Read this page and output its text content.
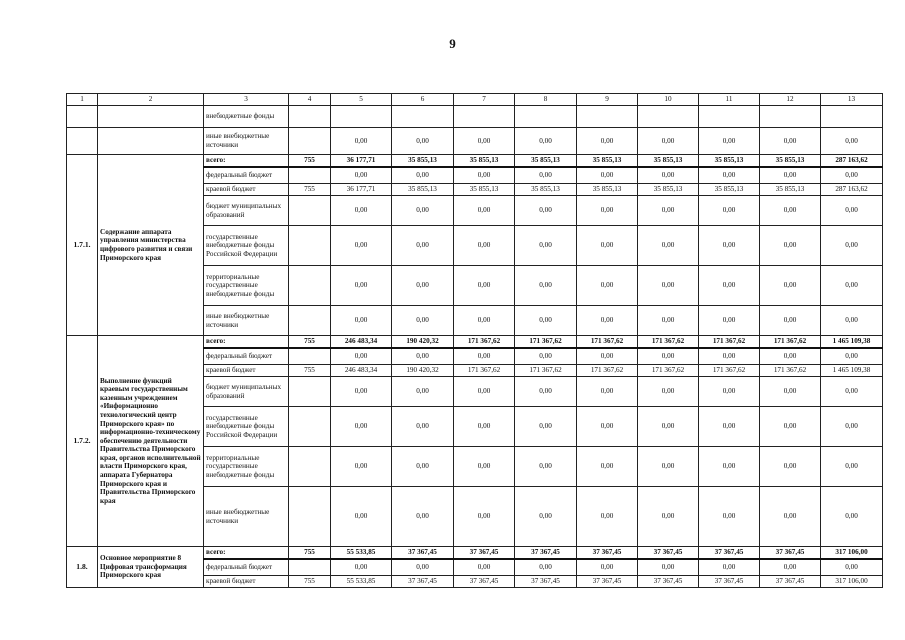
9
1	2	3	4	5	6	7	8	9	10	11	12	13
		внебюджетные фонды										
		иные внебюджетные источники		0,00	0,00	0,00	0,00	0,00	0,00	0,00	0,00	0,00
1.7.1.	Содержание аппарата управления министерства цифрового развития и связи Приморского края	всего:	755	36 177,71	35 855,13	35 855,13	35 855,13	35 855,13	35 855,13	35 855,13	35 855,13	287 163,62
		федеральный бюджет		0,00	0,00	0,00	0,00	0,00	0,00	0,00	0,00	0,00
		краевой бюджет	755	36 177,71	35 855,13	35 855,13	35 855,13	35 855,13	35 855,13	35 855,13	35 855,13	287 163,62
		бюджет муниципальных образований		0,00	0,00	0,00	0,00	0,00	0,00	0,00	0,00	0,00
		государственные внебюджетные фонды Российской Федерации		0,00	0,00	0,00	0,00	0,00	0,00	0,00	0,00	0,00
		территориальные государственные внебюджетные фонды		0,00	0,00	0,00	0,00	0,00	0,00	0,00	0,00	0,00
		иные внебюджетные источники		0,00	0,00	0,00	0,00	0,00	0,00	0,00	0,00	0,00
1.7.2.	Выполнение функций краевым государственным казенным учреждением «Информационно технологический центр Приморского края» по информационно-техническому обеспечению деятельности Правительства Приморского края, органов исполнительной власти Приморского края, аппарата Губернатора Приморского края и Правительства Приморского края	всего:	755	246 483,34	190 420,32	171 367,62	171 367,62	171 367,62	171 367,62	171 367,62	171 367,62	1 465 109,38
		федеральный бюджет		0,00	0,00	0,00	0,00	0,00	0,00	0,00	0,00	0,00
		краевой бюджет	755	246 483,34	190 420,32	171 367,62	171 367,62	171 367,62	171 367,62	171 367,62	171 367,62	1 465 109,38
		бюджет муниципальных образований		0,00	0,00	0,00	0,00	0,00	0,00	0,00	0,00	0,00
		государственные внебюджетные фонды Российской Федерации		0,00	0,00	0,00	0,00	0,00	0,00	0,00	0,00	0,00
		территориальные государственные внебюджетные фонды		0,00	0,00	0,00	0,00	0,00	0,00	0,00	0,00	0,00
		иные внебюджетные источники		0,00	0,00	0,00	0,00	0,00	0,00	0,00	0,00	0,00
1.8.	Основное мероприятие 8 Цифровая трансформация Приморского края	всего:	755	55 533,85	37 367,45	37 367,45	37 367,45	37 367,45	37 367,45	37 367,45	37 367,45	317 106,00
		федеральный бюджет		0,00	0,00	0,00	0,00	0,00	0,00	0,00	0,00	0,00
		краевой бюджет	755	55 533,85	37 367,45	37 367,45	37 367,45	37 367,45	37 367,45	37 367,45	37 367,45	317 106,00
